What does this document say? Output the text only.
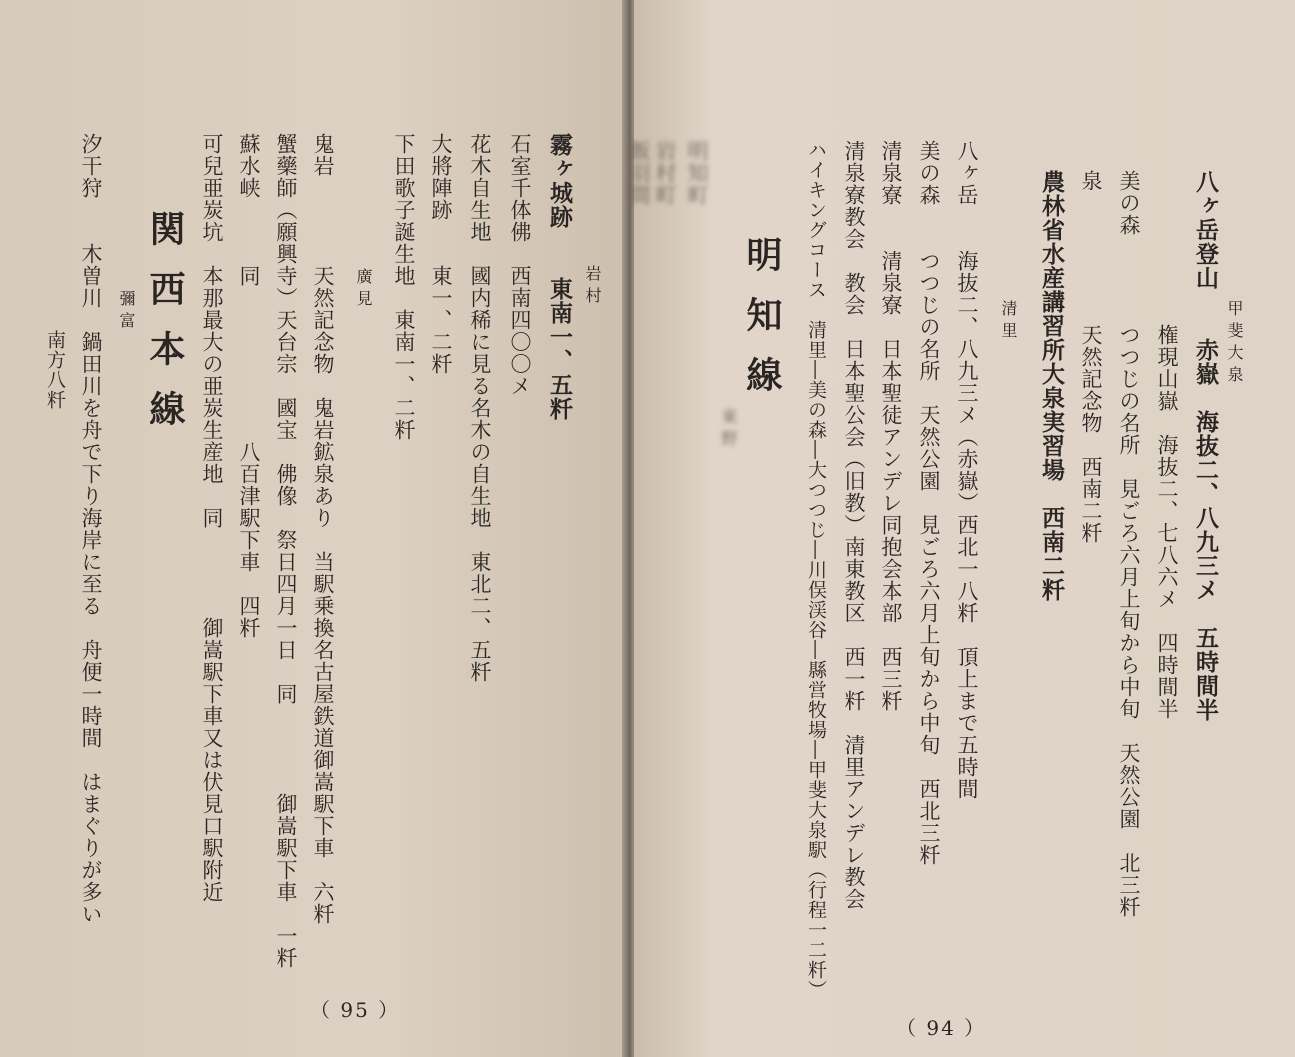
岩村
霧ヶ城跡　　東南一、五粁
石室千体佛　西南四〇〇メ
花木自生地　國内稀に見る名木の自生地　東北二、五粁
大將陣跡　　東一、二粁
下田歌子誕生地　東南一、二粁
廣見
鬼岩　　　　天然記念物　鬼岩鉱泉あり　当駅乗換名古屋鉄道御嵩駅下車　六粁
蟹藥師（願興寺）天台宗　國宝　佛像　祭日四月一日　同　　　　御嵩駅下車　一粁
蘇水峡　　　同　　　　　　　八百津駅下車　四粁
可兒亜炭坑　本那最大の亜炭生産地　同　　　　御嵩駅下車又は伏見口駅附近
関西本線
彌富
汐干狩　　木曽川　鍋田川を舟で下り海岸に至る　舟便一時間　はまぐりが多い
南方八粁
（ 95 ）
甲斐大泉
八ヶ岳登山　　赤嶽　海抜二、八九三メ　五時間半
　　　　　　　権現山嶽　海抜二、七八六メ　四時間半
美の森　　　　つつじの名所　見ごろ六月上旬から中旬　天然公園　北三粁
泉　　　　　　天然記念物　西南二粁
農林省水産講習所大泉実習場　西南二粁
清里
八ヶ岳　　海抜二、八九三メ（赤嶽）西北一八粁　頂上まで五時間
美の森　　つつじの名所　天然公園　見ごろ六月上旬から中旬　西北三粁
清泉寮　　清泉寮　日本聖徒アンデレ同抱会本部　西三粁
清泉寮教会　教会　日本聖公会（旧教）南東教区　西一粁　清里アンデレ教会
ハイキングコース　清里―美の森―大つつじ―川俣渓谷―縣営牧場―甲斐大泉駅（行程一二粁）
明知線
東野
明知町　　　　　　　　　　　　　　　　　　　
岩村町　　　　　　　　　　　　　
飯羽間　　　　　　　　　　　　　
（ 94 ）
